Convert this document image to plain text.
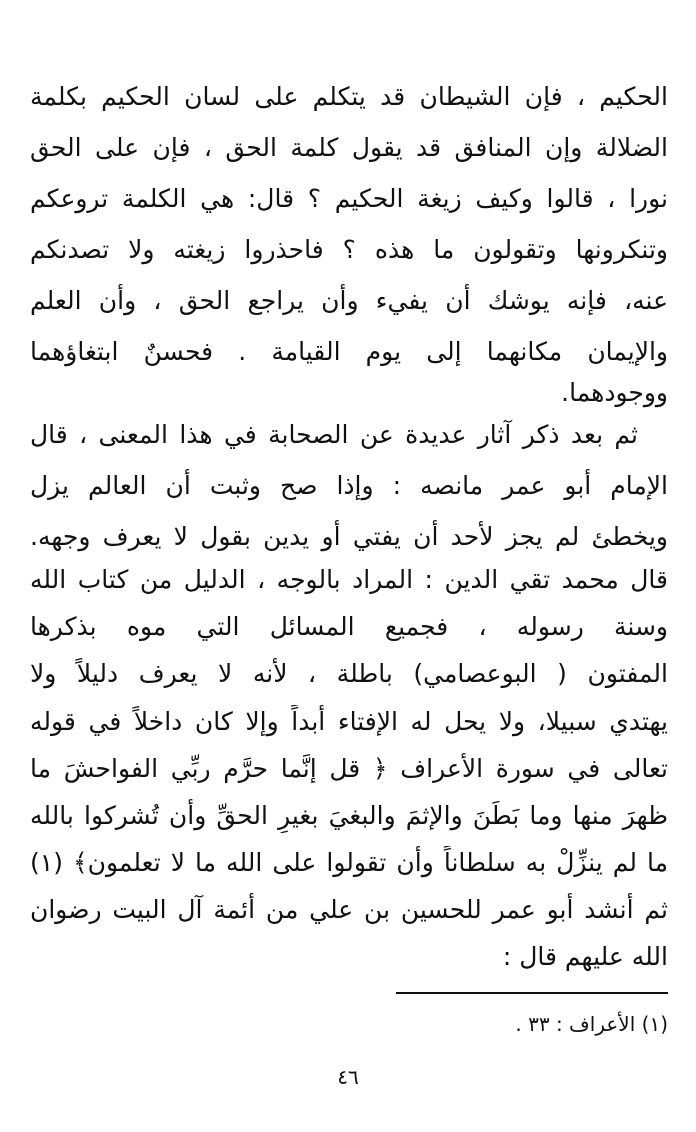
الحكيم ، فإن الشيطان قد يتكلم على لسان الحكيم بكلمة
الضلالة وإن المنافق قد يقول كلمة الحق ، فإن على الحق
نورا ، قالوا وكيف زيغة الحكيم ؟ قال: هي الكلمة تروعكم
وتنكرونها وتقولون ما هذه ؟ فاحذروا زيغته ولا تصدنكم
عنه، فإنه يوشك أن يفيء وأن يراجع الحق ، وأن العلم
والإيمان مكانهما إلى يوم القيامة . فحسنٌ ابتغاؤهما
ووجودهما.
ثم بعد ذكر آثار عديدة عن الصحابة في هذا المعنى ، قال
الإمام أبو عمر مانصه : وإذا صح وثبت أن العالم يزل
ويخطئ لم يجز لأحد أن يفتي أو يدين بقول لا يعرف وجهه.
قال محمد تقي الدين : المراد بالوجه ، الدليل من كتاب الله
وسنة رسوله ، فجميع المسائل التي موه بذكرها
المفتون ( البوعصامي) باطلة ، لأنه لا يعرف دليلاً ولا
يهتدي سبيلا، ولا يحل له الإفتاء أبداً وإلا كان داخلاً في قوله
تعالى في سورة الأعراف ﴿ قل إنَّما حرَّم ربِّي الفواحشَ ما
ظهرَ منها وما بَطَنَ والإثمَ والبغيَ بغيرِ الحقِّ وأن تُشركوا بالله
ما لم ينزِّلْ به سلطاناً وأن تقولوا على الله ما لا تعلمون﴾ (١)
ثم أنشد أبو عمر للحسين بن علي من أئمة آل البيت رضوان
الله عليهم قال :
(١) الأعراف : ٣٣ .
٤٦
